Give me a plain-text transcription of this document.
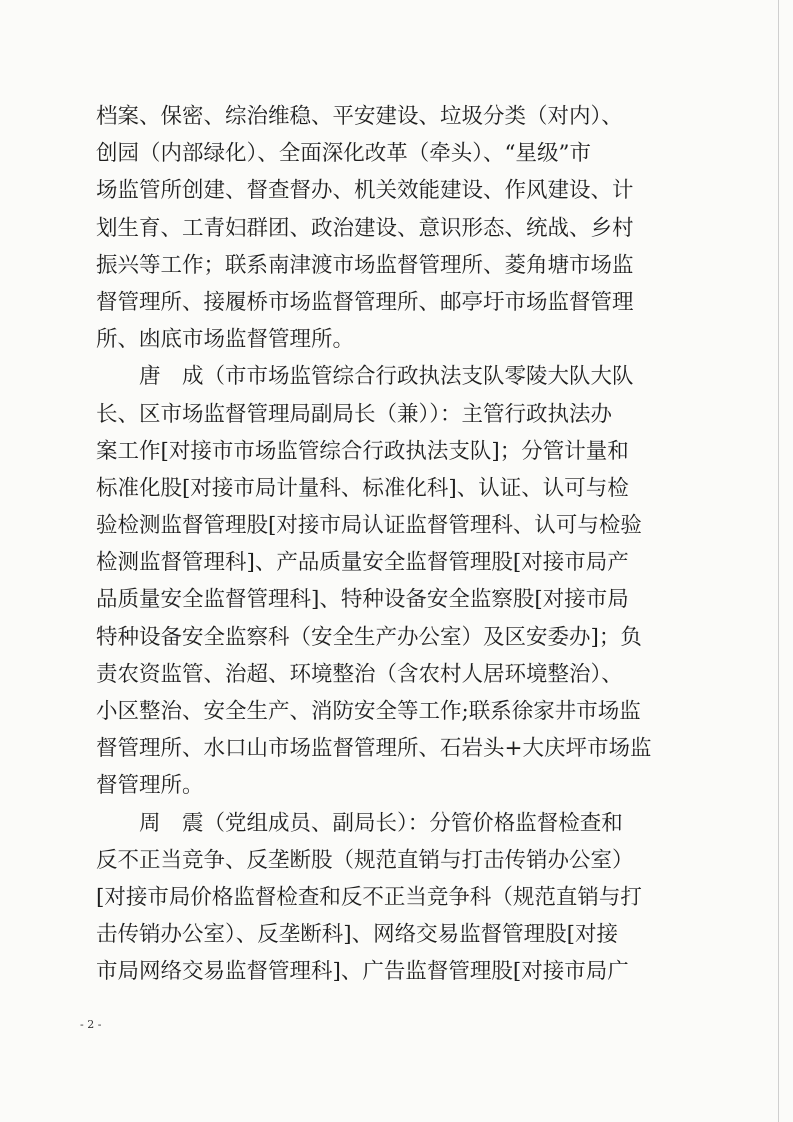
档案、保密、综治维稳、平安建设、垃圾分类（对内）、
创园（内部绿化）、全面深化改革（牵头）、“星级”市
场监管所创建、督查督办、机关效能建设、作风建设、计
划生育、工青妇群团、政治建设、意识形态、统战、乡村
振兴等工作；联系南津渡市场监督管理所、菱角塘市场监
督管理所、接履桥市场监督管理所、邮亭圩市场监督管理
所、凼底市场监督管理所。
唐　成（市市场监管综合行政执法支队零陵大队大队
长、区市场监督管理局副局长（兼））：主管行政执法办
案工作[对接市市场监管综合行政执法支队]；分管计量和
标准化股[对接市局计量科、标准化科]、认证、认可与检
验检测监督管理股[对接市局认证监督管理科、认可与检验
检测监督管理科]、产品质量安全监督管理股[对接市局产
品质量安全监督管理科]、特种设备安全监察股[对接市局
特种设备安全监察科（安全生产办公室）及区安委办]；负
责农资监管、治超、环境整治（含农村人居环境整治）、
小区整治、安全生产、消防安全等工作;联系徐家井市场监
督管理所、水口山市场监督管理所、石岩头+大庆坪市场监
督管理所。
周　震（党组成员、副局长）：分管价格监督检查和
反不正当竞争、反垄断股（规范直销与打击传销办公室）
[对接市局价格监督检查和反不正当竞争科（规范直销与打
击传销办公室）、反垄断科]、网络交易监督管理股[对接
市局网络交易监督管理科]、广告监督管理股[对接市局广
- 2 -
